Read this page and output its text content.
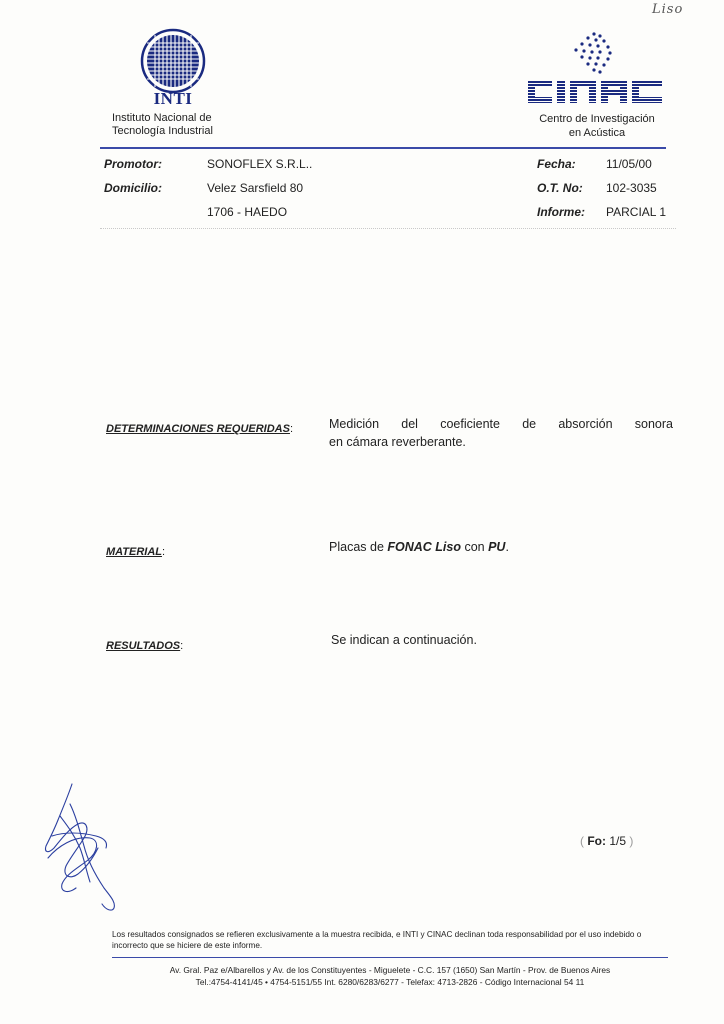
Liso
INTI
Instituto Nacional de
Tecnología Industrial
Centro de Investigación
en Acústica
Promotor:	SONOFLEX S.R.L..
Domicilio:	Velez Sarsfield 80
1706 - HAEDO
Fecha:	11/05/00
O.T. No: 102-3035
Informe: PARCIAL 1
DETERMINACIONES REQUERIDAS:	Medición del coeficiente de absorción sonora
en cámara reverberante.
MATERIAL:	Placas de FONAC Liso con PU.
RESULTADOS:	Se indican a continuación.
( Fo: 1/5 )
Los resultados consignados se refieren exclusivamente a la muestra recibida, e INTI y CINAC declinan toda responsabilidad por el uso indebido o incorrecto que se hiciere de este informe.
Av. Gral. Paz e/Albarellos y Av. de los Constituyentes - Miguelete - C.C. 157 (1650) San Martín - Prov. de Buenos Aires
Tel.:4754-4141/45 • 4754-5151/55 Int. 6280/6283/6277 - Telefax: 4713-2826 - Código Internacional 54 11
